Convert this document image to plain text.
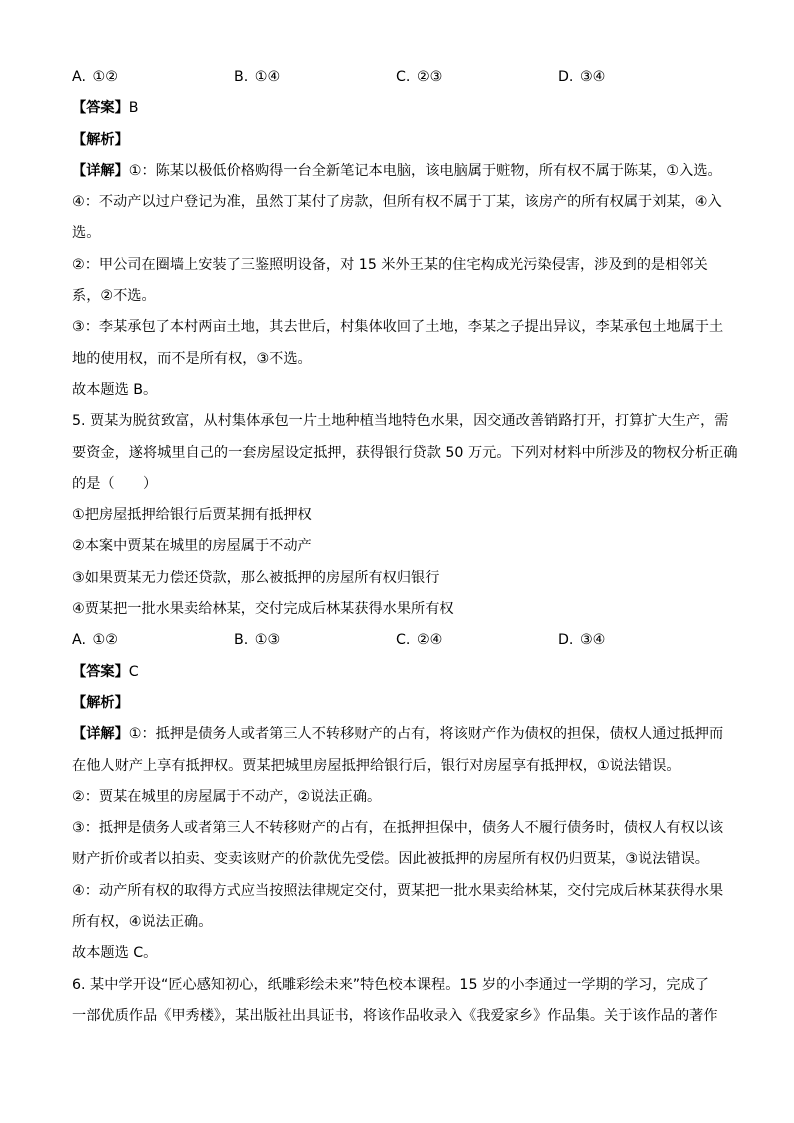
A. ①②	B. ①④	C. ②③	D. ③④
【答案】B
【解析】
【详解】①：陈某以极低价格购得一台全新笔记本电脑，该电脑属于赃物，所有权不属于陈某，①入选。
④：不动产以过户登记为准，虽然丁某付了房款，但所有权不属于丁某，该房产的所有权属于刘某，④入
选。
②：甲公司在圈墙上安装了三鉴照明设备，对 15 米外王某的住宅构成光污染侵害，涉及到的是相邻关
系，②不选。
③：李某承包了本村两亩土地，其去世后，村集体收回了土地，李某之子提出异议，李某承包土地属于土
地的使用权，而不是所有权，③不选。
故本题选 B。
5. 贾某为脱贫致富，从村集体承包一片土地种植当地特色水果，因交通改善销路打开，打算扩大生产，需
要资金，遂将城里自己的一套房屋设定抵押，获得银行贷款 50 万元。下列对材料中所涉及的物权分析正确
的是（　　）
①把房屋抵押给银行后贾某拥有抵押权
②本案中贾某在城里的房屋属于不动产
③如果贾某无力偿还贷款，那么被抵押的房屋所有权归银行
④贾某把一批水果卖给林某，交付完成后林某获得水果所有权
A. ①②	B. ①③	C. ②④	D. ③④
【答案】C
【解析】
【详解】①：抵押是债务人或者第三人不转移财产的占有，将该财产作为债权的担保，债权人通过抵押而
在他人财产上享有抵押权。贾某把城里房屋抵押给银行后，银行对房屋享有抵押权，①说法错误。
②：贾某在城里的房屋属于不动产，②说法正确。
③：抵押是债务人或者第三人不转移财产的占有，在抵押担保中，债务人不履行债务时，债权人有权以该
财产折价或者以拍卖、变卖该财产的价款优先受偿。因此被抵押的房屋所有权仍归贾某，③说法错误。
④：动产所有权的取得方式应当按照法律规定交付，贾某把一批水果卖给林某，交付完成后林某获得水果
所有权，④说法正确。
故本题选 C。
6. 某中学开设“匠心感知初心，纸雕彩绘未来”特色校本课程。15 岁的小李通过一学期的学习，完成了
一部优质作品《甲秀楼》，某出版社出具证书，将该作品收录入《我爱家乡》作品集。关于该作品的著作
